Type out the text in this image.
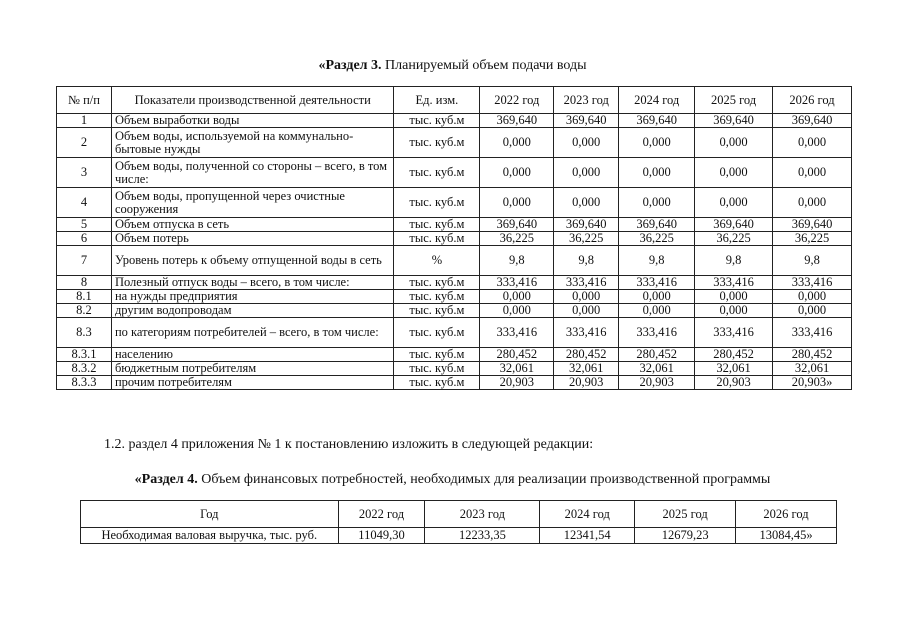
«Раздел 3. Планируемый объем подачи воды
№ п/п	Показатели производственной деятельности	Ед. изм.	2022 год	2023 год	2024 год	2025 год	2026 год
1	Объем выработки воды	тыс. куб.м	369,640	369,640	369,640	369,640	369,640
2	Объем воды, используемой на коммунально-бытовые нужды	тыс. куб.м	0,000	0,000	0,000	0,000	0,000
3	Объем воды, полученной со стороны – всего, в том числе:	тыс. куб.м	0,000	0,000	0,000	0,000	0,000
4	Объем воды, пропущенной через очистные сооружения	тыс. куб.м	0,000	0,000	0,000	0,000	0,000
5	Объем отпуска в сеть	тыс. куб.м	369,640	369,640	369,640	369,640	369,640
6	Объем потерь	тыс. куб.м	36,225	36,225	36,225	36,225	36,225
7	Уровень потерь к объему отпущенной воды в сеть	%	9,8	9,8	9,8	9,8	9,8
8	Полезный отпуск воды – всего, в том числе:	тыс. куб.м	333,416	333,416	333,416	333,416	333,416
8.1	на нужды предприятия	тыс. куб.м	0,000	0,000	0,000	0,000	0,000
8.2	другим водопроводам	тыс. куб.м	0,000	0,000	0,000	0,000	0,000
8.3	по категориям потребителей – всего, в том числе:	тыс. куб.м	333,416	333,416	333,416	333,416	333,416
8.3.1	населению	тыс. куб.м	280,452	280,452	280,452	280,452	280,452
8.3.2	бюджетным потребителям	тыс. куб.м	32,061	32,061	32,061	32,061	32,061
8.3.3	прочим потребителям	тыс. куб.м	20,903	20,903	20,903	20,903	20,903»
1.2. раздел 4 приложения № 1 к постановлению изложить в следующей редакции:
«Раздел 4. Объем финансовых потребностей, необходимых для реализации производственной программы
Год	2022 год	2023 год	2024 год	2025 год	2026 год
Необходимая валовая выручка, тыс. руб.	11049,30	12233,35	12341,54	12679,23	13084,45»
